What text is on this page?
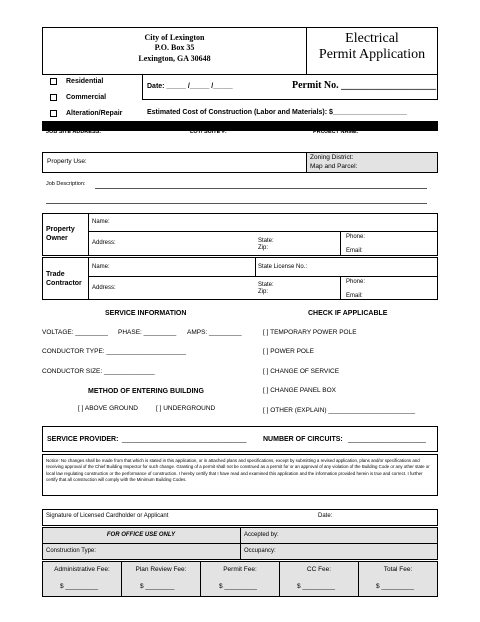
City of Lexington
P.O. Box 35
Lexington, GA 30648
Electrical
Permit Application
Residential
Commercial
Alteration/Repair
Date: _____ /_____ /_____	Permit No. ___________________
Estimated Cost of Construction (Labor and Materials): $___________________
JOB SITE ADDRESS:	LOT/ SUITE #:	PROJECT NAME:
Property Use:
Zoning District:
Map and Parcel:
Job Description:
Property
Owner
Name:
Address:	State:
Zip:
Phone:
Email:
Trade
Contractor
Name:	State License No.:
Address:	State:
Zip:
Phone:
Email:
SERVICE INFORMATION
VOLTAGE: _________ PHASE: _________ AMPS: _________
CONDUCTOR TYPE: ______________________
CONDUCTOR SIZE: ______________
METHOD OF ENTERING BUILDING
[ ] ABOVE GROUND	[ ] UNDERGROUND
CHECK IF APPLICABLE
[ ] TEMPORARY POWER POLE
[ ] POWER POLE
[ ] CHANGE OF SERVICE
[ ] CHANGE PANEL BOX
[ ] OTHER (EXPLAIN) ________________________
SERVICE PROVIDER: ________________________________ NUMBER OF CIRCUITS: ____________________
Notice: No changes shall be made from that which is stated in this application, or in attached plans and specifications, except by submitting a revised application, plans and/or specifications and receiving approval of the Chief Building Inspector for such change. Granting of a permit shall not be construed as a permit for or an approval of any violation of the Building Code or any other state or local law regulating construction or the performance of construction. I hereby certify that I have read and examined this application and the information provided herein is true and correct. I further certify that all construction will comply with the Minimum Building Codes.
Signature of Licensed Cardholder or Applicant	Date:
FOR OFFICE USE ONLY	Accepted by:
Construction Type:	Occupancy:
Administrative Fee:
$ _________
Plan Review Fee:
$ ________
Permit Fee:
$ _________
CC Fee:
$ _________
Total Fee:
$ _________
